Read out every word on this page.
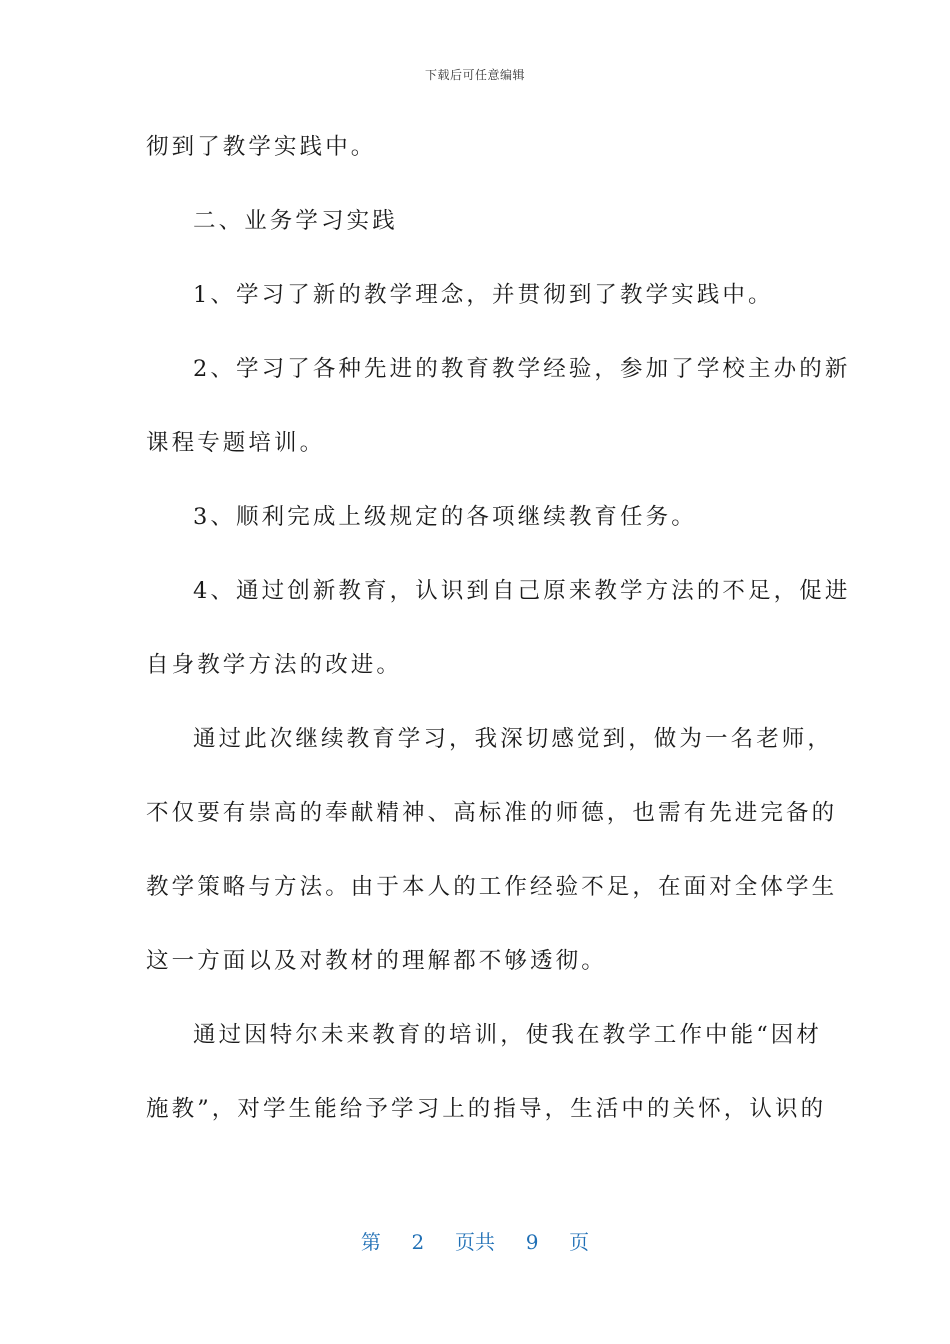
下载后可任意编辑
彻到了教学实践中。
二、业务学习实践
1、学习了新的教学理念，并贯彻到了教学实践中。
2、学习了各种先进的教育教学经验，参加了学校主办的新
课程专题培训。
3、顺利完成上级规定的各项继续教育任务。
4、通过创新教育，认识到自己原来教学方法的不足，促进
自身教学方法的改进。
通过此次继续教育学习，我深切感觉到，做为一名老师，
不仅要有崇高的奉献精神、高标准的师德，也需有先进完备的
教学策略与方法。由于本人的工作经验不足，在面对全体学生
这一方面以及对教材的理解都不够透彻。
通过因特尔未来教育的培训，使我在教学工作中能“因材
施教”，对学生能给予学习上的指导，生活中的关怀，认识的
第 2 页共 9 页
